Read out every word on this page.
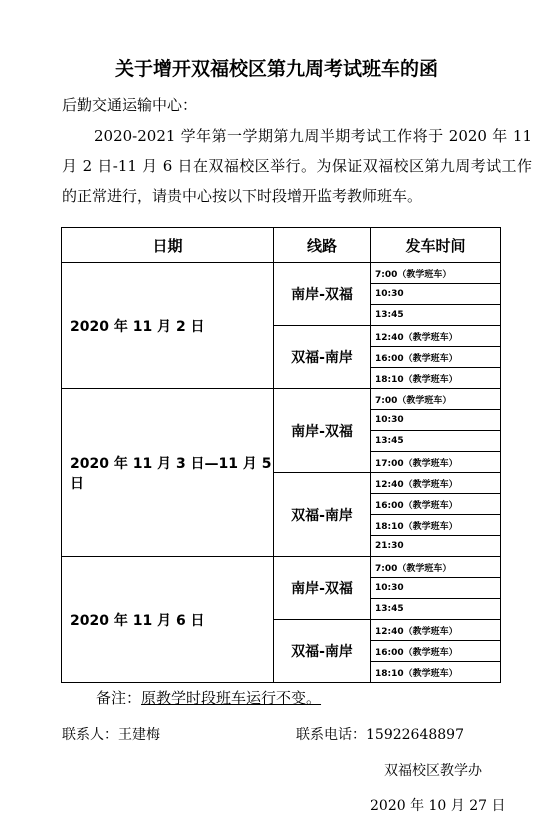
关于增开双福校区第九周考试班车的函
后勤交通运输中心：
2020-2021 学年第一学期第九周半期考试工作将于 2020 年 11 月 2 日-11 月 6 日在双福校区举行。为保证双福校区第九周考试工作的正常进行，请贵中心按以下时段增开监考教师班车。
日期	线路	发车时间
2020 年 11 月 2 日	南岸-双福	7:00（教学班车）
		10:30
		13:45
	双福-南岸	12:40（教学班车）
		16:00（教学班车）
		18:10（教学班车）
2020 年 11 月 3 日—11 月 5 日	南岸-双福	7:00（教学班车）
		10:30
		13:45
		17:00（教学班车）
	双福-南岸	12:40（教学班车）
		16:00（教学班车）
		18:10（教学班车）
		21:30
2020 年 11 月 6 日	南岸-双福	7:00（教学班车）
		10:30
		13:45
	双福-南岸	12:40（教学班车）
		16:00（教学班车）
		18:10（教学班车）
备注：原教学时段班车运行不变。
联系人：王建梅	联系电话：15922648897
双福校区教学办
2020 年 10 月 27 日
